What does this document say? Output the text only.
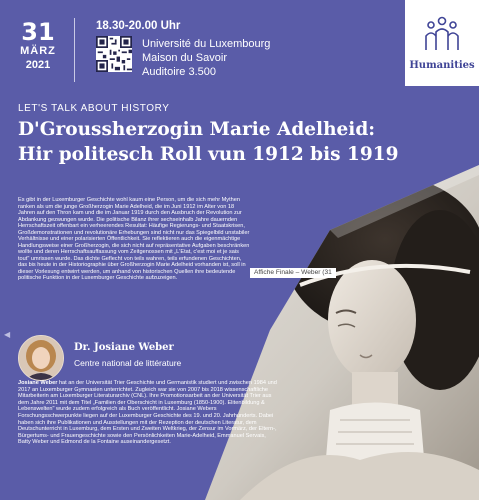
31
MÄRZ
2021
18.30-20.00 Uhr
Université du Luxembourg
Maison du Savoir
Auditoire 3.500
Humanities
LET'S TALK ABOUT HISTORY
D'Groussherzogin Marie Adelheid:
Hir politesch Roll vun 1912 bis 1919
Es gibt in der Luxemburger Geschichte wohl kaum eine Person, um die sich mehr Mythen ranken als um die junge Großherzogin Marie Adelheid, die im Juni 1912 im Alter von 18 Jahren auf den Thron kam und die im Januar 1919 durch den Ausbruch der Revolution zur Abdankung gezwungen wurde. Die politische Bilanz ihrer sechseinhalb Jahre dauernden Herrschaftszeit offenbart ein verheerendes Resultat: Häufige Regierungs- und Staatskrisen, Großdemonstrationen und revolutionäre Erhebungen sind nicht nur das Spiegelbild unstabiler Verhältnisse und einer polarisierten Öffentlichkeit. Sie reflektieren auch die eigenmächtige Handlungsweise einer Großherzogin, die sich nicht auf repräsentative Aufgaben beschränken wollte und deren Herrschaftsauffassung vom Zeitgenossen mit „L'Etat, c'est moi et je sais tout" umrissen wurde. Das dichte Geflecht von teils wahren, teils erfundenen Geschichten, das bis heute in der Historiographie über Großherzogin Marie Adelheid vorhanden ist, soll in dieser Vorlesung entwirrt werden, um anhand von historischen Quellen ihre bedeutende politische Funktion in der Luxemburger Geschichte aufzuzeigen.
Affiche Finale – Weber (31
◀
Dr. Josiane Weber
Centre national de littérature
Josiane Weber hat an der Universität Trier Geschichte und Germanistik studiert und zwischen 1984 und 2017 an Luxemburger Gymnasien unterrichtet. Zugleich war sie von 2007 bis 2018 wissenschaftliche Mitarbeiterin am Luxemburger Literaturarchiv (CNL). Ihre Promotionsarbeit an der Universität Trier aus dem Jahre 2011 mit dem Titel „Familien der Oberschicht in Luxemburg (1850-1900). Elitenbildung & Lebenswelten" wurde zudem erfolgreich als Buch veröffentlicht. Josiane Webers Forschungsschwerpunkte liegen auf der Luxemburger Geschichte des 19. und 20. Jahrhunderts. Dabei haben sich ihre Publikationen und Ausstellungen mit der Rezeption der deutschen Literatur, dem Deutschunterricht in Luxemburg, dem Ersten und Zweiten Weltkrieg, der Zensur im Vormärz, der Eltern-, Bürgertums- und Frauengeschichte sowie den Persönlichkeiten Marie-Adelheid, Emmanuel Servais, Batty Weber und Edmond de la Fontaine auseinandergesetzt.
